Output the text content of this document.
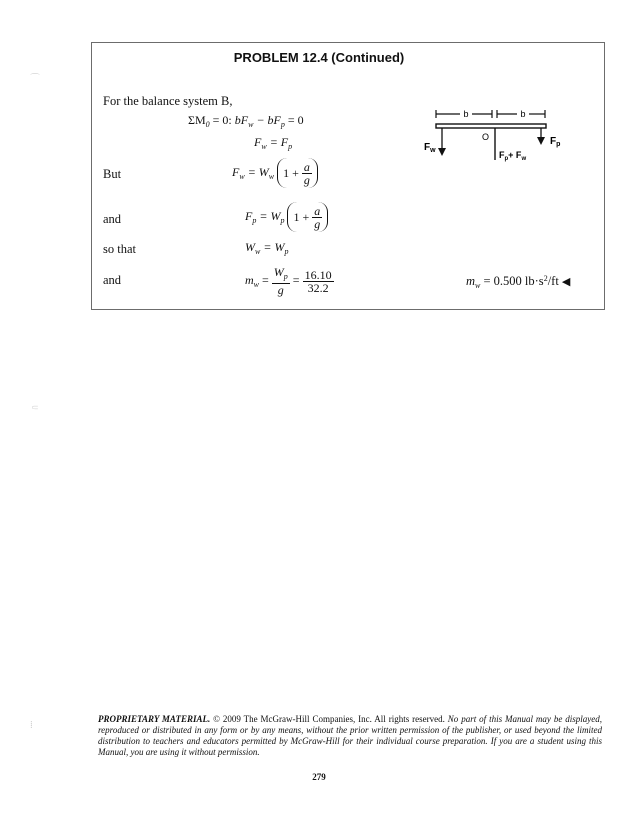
⌒
⸦
⁞
PROBLEM 12.4 (Continued)
For the balance system B,
$\Sigma M_0 = 0$: $bF_w - bF_p = 0$
$F_w = F_p$
But	$F_w = W_w$ 1 +
$\frac{a}{g}$
and	$F_p = W_p$ 1 +
$\frac{a}{g}$
so that	$W_w = W_p$
and	$m_w = \frac{W_p}{g} = \frac{16.10}{32.2}$	$m_w = 0.500$ $lb\cdot s^2/ft$ ◀
b	b
O
$F_w$
$F_p$
$F_p+ F_w$
PROPRIETARY MATERIAL. © 2009 The McGraw-Hill Companies, Inc. All rights reserved. No part of this Manual may be displayed, reproduced or distributed in any form or by any means, without the prior written permission of the publisher, or used beyond the limited distribution to teachers and educators permitted by McGraw-Hill for their individual course preparation. If you are a student using this Manual, you are using it without permission.
279
